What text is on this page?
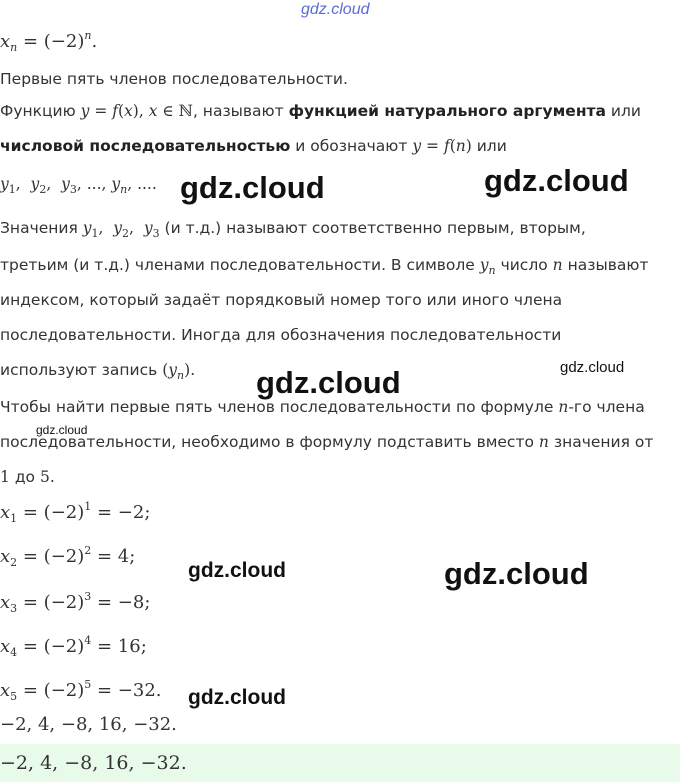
gdz.cloud
$x_n = (-2)^n$.
Первые пять членов последовательности.
Функцию y = f(x), x ∈ ℕ, называют функцией натурального аргумента или
числовой последовательностью и обозначают y = f(n) или
$y_1$,  $y_2$,  $y_3$, ..., $y_n$, .... gdz.cloud	gdz.cloud
Значения $y_1$,  $y_2$,  $y_3$ (и т.д.) называют соответственно первым, вторым,
третьим (и т.д.) членами последовательности. В символе $y_n$ число n называют
индексом, который задаёт порядковый номер того или иного члена
последовательности. Иногда для обозначения последовательности
используют запись $(y_n)$. gdz.cloud	gdz.cloud
Чтобы найти первые пять членов последовательности по формуле n-го члена
gdz.cloud
последовательности, необходимо в формулу подставить вместо n значения от
1 до 5.
$x_1 = (-2)^1 = -2$;
$x_2 = (-2)^2 = 4$;
gdz.cloud	gdz.cloud
$x_3 = (-2)^3 = -8$;
$x_4 = (-2)^4 = 16$;
$x_5 = (-2)^5 = -32$. gdz.cloud
−2, 4, −8, 16, −32.
−2, 4, −8, 16, −32.
